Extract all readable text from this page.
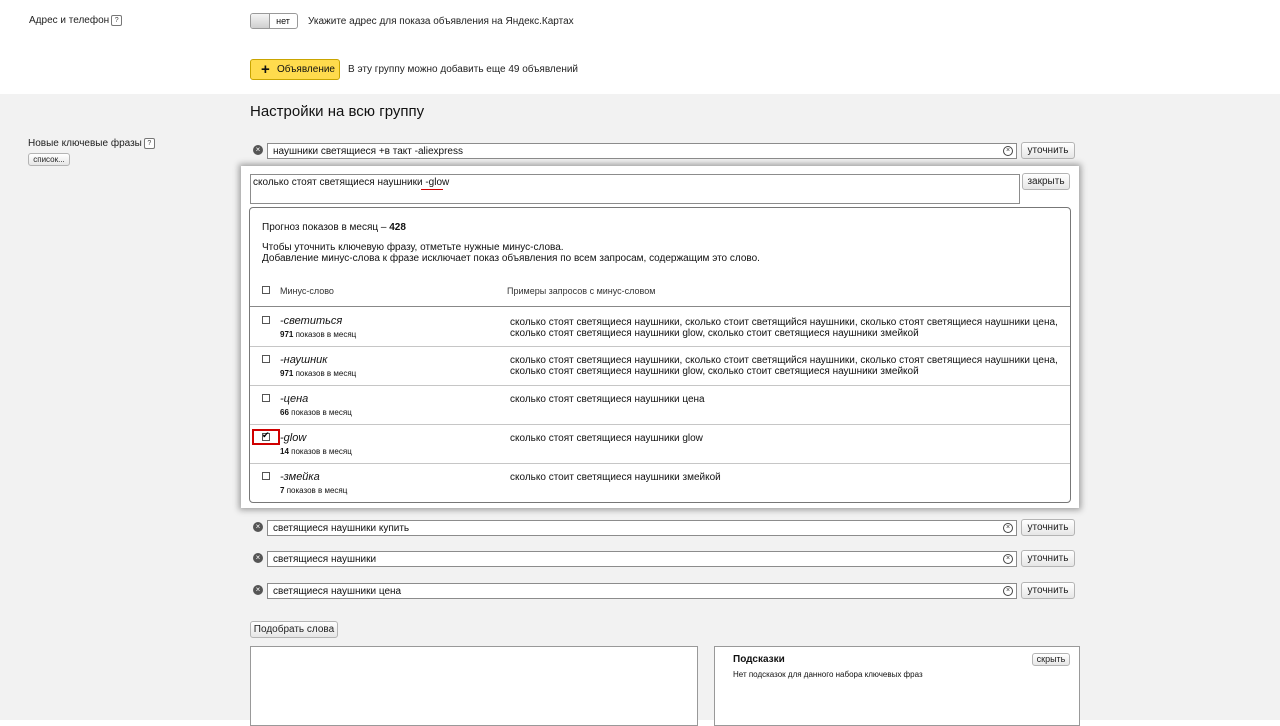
Адрес и телефон ?	нет	Укажите адрес для показа объявления на Яндекс.Картах
+ Объявление В эту группу можно добавить еще 49 объявлений
Настройки на всю группу
Новые ключевые фразы ?
список...
× наушники светящиеся +в такт -aliexpress	×	уточнить
сколько стоят светящиеся наушники -glow	закрыть
Прогноз показов в месяц – 428
Чтобы уточнить ключевую фразу, отметьте нужные минус-слова.
Добавление минус-слова к фразе исключает показ объявления по всем запросам, содержащим это слово.
Минус-слово	Примеры запросов с минус-словом
-светиться
971 показов в месяц
сколько стоят светящиеся наушники, сколько стоит светящийся наушники, сколько стоят светящиеся наушники цена,
сколько стоят светящиеся наушники glow, сколько стоит светящиеся наушники змейкой
-наушник
971 показов в месяц
сколько стоят светящиеся наушники, сколько стоит светящийся наушники, сколько стоят светящиеся наушники цена,
сколько стоят светящиеся наушники glow, сколько стоит светящиеся наушники змейкой
-цена
66 показов в месяц
сколько стоят светящиеся наушники цена
✔
-glow
14 показов в месяц
сколько стоят светящиеся наушники glow
-змейка
7 показов в месяц
сколько стоит светящиеся наушники змейкой
× светящиеся наушники купить	×	уточнить
× светящиеся наушники	×	уточнить
× светящиеся наушники цена	×	уточнить
Подобрать слова
Подсказки	скрыть
Нет подсказок для данного набора ключевых фраз
